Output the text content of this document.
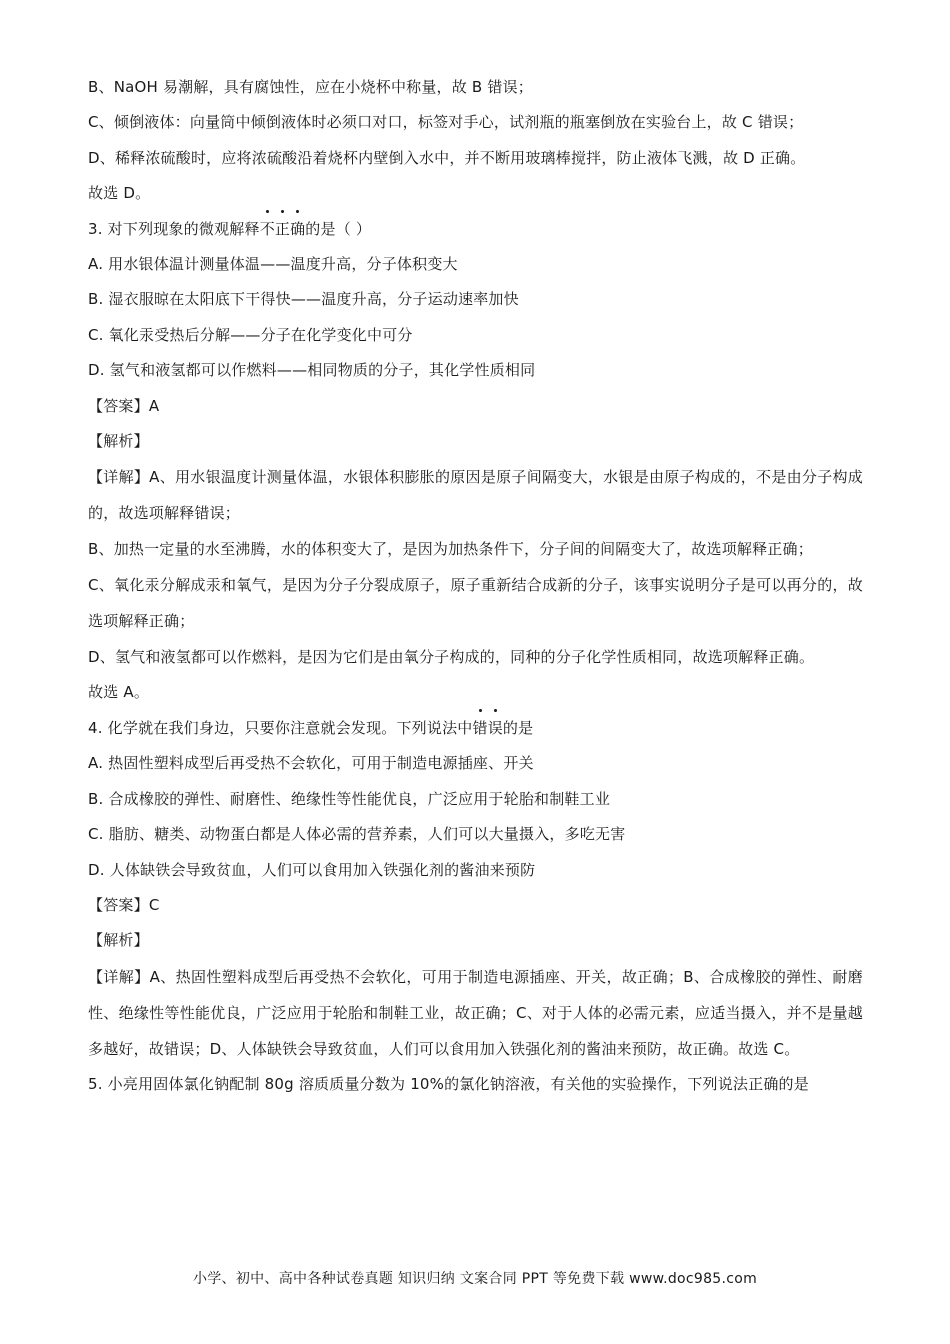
B、NaOH 易潮解，具有腐蚀性，应在小烧杯中称量，故 B 错误；
C、倾倒液体：向量筒中倾倒液体时必须口对口，标签对手心，试剂瓶的瓶塞倒放在实验台上，故 C 错误；
D、稀释浓硫酸时，应将浓硫酸沿着烧杯内壁倒入水中，并不断用玻璃棒搅拌，防止液体飞溅，故 D 正确。
故选 D。
3. 对下列现象的微观解释不正确的是（ ）
A. 用水银体温计测量体温——温度升高，分子体积变大
B. 湿衣服晾在太阳底下干得快——温度升高，分子运动速率加快
C. 氧化汞受热后分解——分子在化学变化中可分
D. 氢气和液氢都可以作燃料——相同物质的分子，其化学性质相同
【答案】A
【解析】
【详解】A、用水银温度计测量体温，水银体积膨胀的原因是原子间隔变大，水银是由原子构成的，不是由分子构成的，故选项解释错误；
B、加热一定量的水至沸腾，水的体积变大了，是因为加热条件下，分子间的间隔变大了，故选项解释正确；
C、氧化汞分解成汞和氧气，是因为分子分裂成原子，原子重新结合成新的分子，该事实说明分子是可以再分的，故选项解释正确；
D、氢气和液氢都可以作燃料，是因为它们是由氧分子构成的，同种的分子化学性质相同，故选项解释正确。
故选 A。
4. 化学就在我们身边，只要你注意就会发现。下列说法中错误的是
A. 热固性塑料成型后再受热不会软化，可用于制造电源插座、开关
B. 合成橡胶的弹性、耐磨性、绝缘性等性能优良，广泛应用于轮胎和制鞋工业
C. 脂肪、糖类、动物蛋白都是人体必需的营养素，人们可以大量摄入，多吃无害
D. 人体缺铁会导致贫血，人们可以食用加入铁强化剂的酱油来预防
【答案】C
【解析】
【详解】A、热固性塑料成型后再受热不会软化，可用于制造电源插座、开关，故正确；B、合成橡胶的弹性、耐磨性、绝缘性等性能优良，广泛应用于轮胎和制鞋工业，故正确；C、对于人体的必需元素，应适当摄入，并不是量越多越好，故错误；D、人体缺铁会导致贫血，人们可以食用加入铁强化剂的酱油来预防，故正确。故选 C。
5. 小亮用固体氯化钠配制 80g 溶质质量分数为 10%的氯化钠溶液，有关他的实验操作，下列说法正确的是
小学、初中、高中各种试卷真题 知识归纳 文案合同 PPT 等免费下载 www.doc985.com
